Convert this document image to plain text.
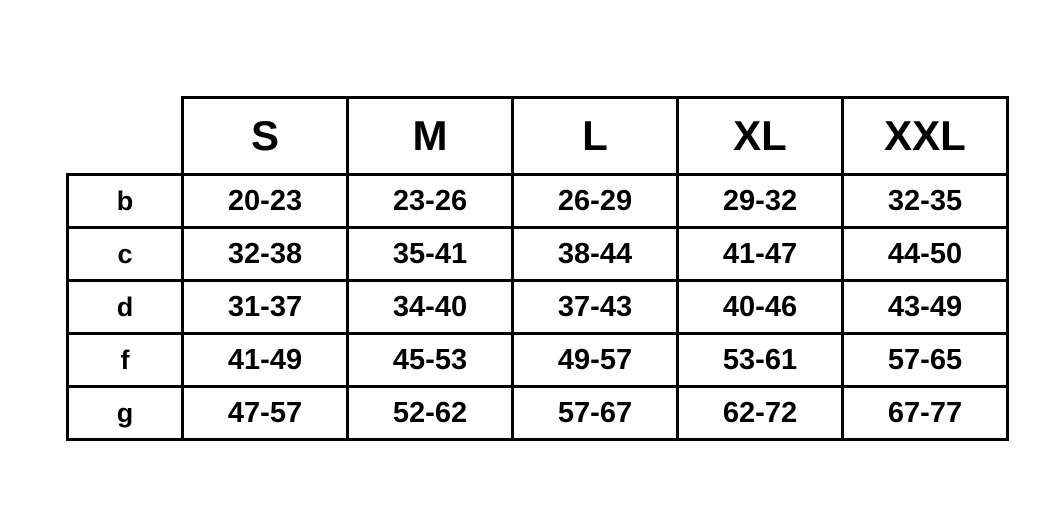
	S	M	L	XL	XXL
b	20-23	23-26	26-29	29-32	32-35
c	32-38	35-41	38-44	41-47	44-50
d	31-37	34-40	37-43	40-46	43-49
f	41-49	45-53	49-57	53-61	57-65
g	47-57	52-62	57-67	62-72	67-77
